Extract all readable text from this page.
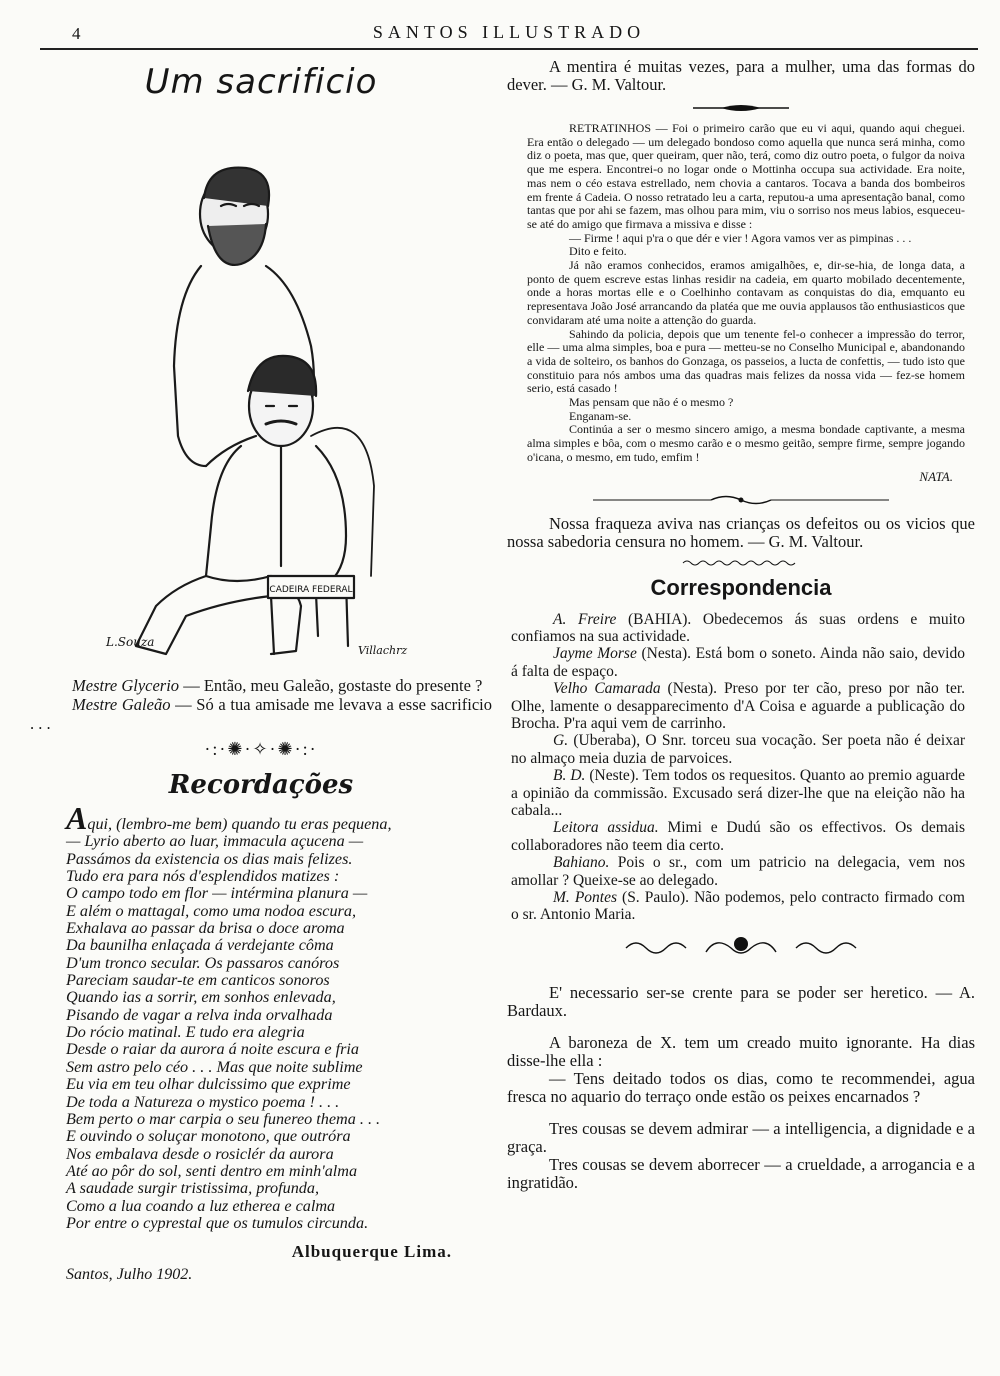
4	SANTOS ILLUSTRADO
Um sacrificio
CADEIRA FEDERAL
L.Souza
Villachrz

Mestre Glycerio — Então, meu Galeão, gostaste do presente ?

Mestre Galeão — Só a tua amisade me levava a esse sacrificio . . .

·:·✺·✧·✺·:·
Recordações
Aqui, (lembro-me bem) quando tu eras pequena,
— Lyrio aberto ao luar, immacula açucena —
Passámos da existencia os dias mais felizes.
Tudo era para nós d'esplendidos matizes :
O campo todo em flor — intérmina planura —
E além o mattagal, como uma nodoa escura,
Exhalava ao passar da brisa o doce aroma
Da baunilha enlaçada á verdejante côma
D'um tronco secular. Os passaros canóros
Pareciam saudar-te em canticos sonoros
Quando ias a sorrir, em sonhos enlevada,
Pisando de vagar a relva inda orvalhada
Do rócio matinal. E tudo era alegria
Desde o raiar da aurora á noite escura e fria
Sem astro pelo céo . . . Mas que noite sublime
Eu via em teu olhar dulcissimo que exprime
De toda a Natureza o mystico poema ! . . .
Bem perto o mar carpia o seu funereo thema . . .
E ouvindo o soluçar monotono, que outróra
Nos embalava desde o rosiclér da aurora
Até ao pôr do sol, senti dentro em minh'alma
A saudade surgir tristissima, profunda,
Como a lua coando a luz etherea e calma
Por entre o cyprestal que os tumulos circunda.
Albuquerque Lima.
Santos, Julho 1902.

A mentira é muitas vezes, para a mulher, uma das formas do dever. — G. M. Valtour.

RETRATINHOS — Foi o primeiro carão que eu vi aqui, quando aqui cheguei. Era então o delegado — um delegado bondoso como aquella que nunca será minha, como diz o poeta, mas que, quer queiram, quer não, terá, como diz outro poeta, o fulgor da noiva que me espera. Encontrei-o no logar onde o Mottinha occupa sua actividade. Era noite, mas nem o céo estava estrellado, nem chovia a cantaros. Tocava a banda dos bombeiros em frente á Cadeia. O nosso retratado leu a carta, reputou-a uma apresentação banal, como tantas que por ahi se fazem, mas olhou para mim, viu o sorriso nos meus labios, esqueceu-se até do amigo que firmava a missiva e disse :

— Firme ! aqui p'ra o que dér e vier ! Agora vamos ver as pimpinas . . .

Dito e feito.

Já não eramos conhecidos, eramos amigalhões, e, dir-se-hia, de longa data, a ponto de quem escreve estas linhas residir na cadeia, em quarto mobilado decentemente, onde a horas mortas elle e o Coelhinho contavam as conquistas do dia, emquanto eu representava João José arrancando da platéa que me ouvia applausos tão enthusiasticos que convidaram até uma noite a attenção do guarda.

Sahindo da policia, depois que um tenente fel-o conhecer a impressão do terror, elle — uma alma simples, boa e pura — metteu-se no Conselho Municipal e, abandonando a vida de solteiro, os banhos do Gonzaga, os passeios, a lucta de confettis, — tudo isto que constituio para nós ambos uma das quadras mais felizes da nossa vida — fez-se homem serio, está casado !

Mas pensam que não é o mesmo ?

Enganam-se.

Continúa a ser o mesmo sincero amigo, a mesma bondade captivante, a mesma alma simples e bôa, com o mesmo carão e o mesmo geitão, sempre firme, sempre jogando o'icana, o mesmo, em tudo, emfim !

NATA.

Nossa fraqueza aviva nas crianças os defeitos ou os vicios que nossa sabedoria censura no homem. — G. M. Valtour.

Correspondencia

A. Freire (BAHIA). Obedecemos ás suas ordens e muito confiamos na sua actividade.

Jayme Morse (Nesta). Está bom o soneto. Ainda não saio, devido á falta de espaço.

Velho Camarada (Nesta). Preso por ter cão, preso por não ter. Olhe, lamente o desapparecimento d'A Coisa e aguarde a publicação do Brocha. P'ra aqui vem de carrinho.

G. (Uberaba), O Snr. torceu sua vocação. Ser poeta não é deixar no almaço meia duzia de parvoices.

B. D. (Neste). Tem todos os requesitos. Quanto ao premio aguarde a opinião da commissão. Excusado será dizer-lhe que na eleição não ha cabala...

Leitora assidua. Mimi e Dudú são os effectivos. Os demais collaboradores não teem dia certo.

Bahiano. Pois o sr., com um patricio na delegacia, vem nos amollar ? Queixe-se ao delegado.

M. Pontes (S. Paulo). Não podemos, pelo contracto firmado com o sr. Antonio Maria.

E' necessario ser-se crente para se poder ser heretico. — A. Bardaux.

A baroneza de X. tem um creado muito ignorante. Ha dias disse-lhe ella :

— Tens deitado todos os dias, como te recommendei, agua fresca no aquario do terraço onde estão os peixes encarnados ?

Tres cousas se devem admirar — a intelligencia, a dignidade e a graça.

Tres cousas se devem aborrecer — a crueldade, a arrogancia e a ingratidão.
